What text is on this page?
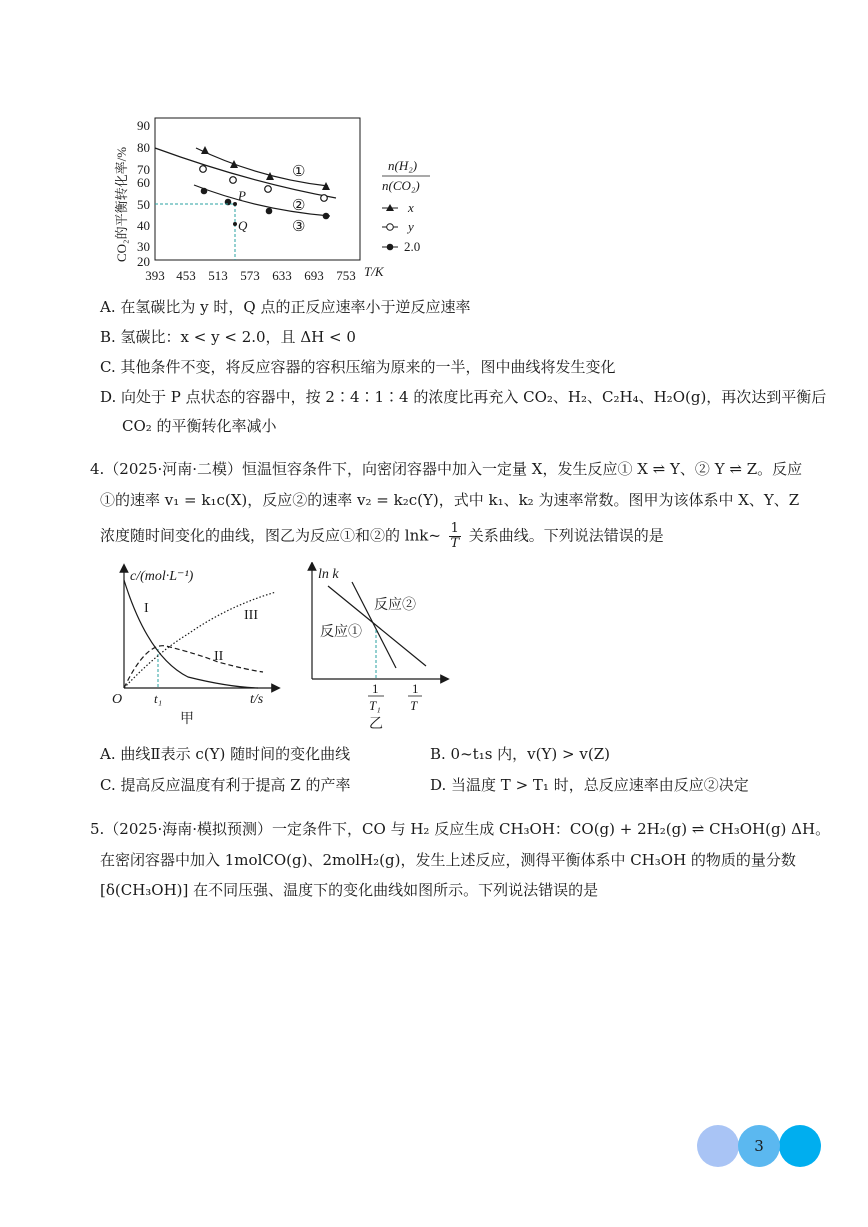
CO₂的平衡转化率/%
90
80
70
60
50
40
30
20
393 453 513 573 633 693 753 T/K
P
Q
①
②
③
n(H₂)
n(CO₂)
x
y
2.0
A. 在氢碳比为 y 时，Q 点的正反应速率小于逆反应速率
B. 氢碳比：x < y < 2.0，且 ΔH < 0
C. 其他条件不变，将反应容器的容积压缩为原来的一半，图中曲线将发生变化
D. 向处于 P 点状态的容器中，按 2∶4∶1∶4 的浓度比再充入 CO₂、H₂、C₂H₄、H₂O(g)，再次达到平衡后
CO₂ 的平衡转化率减小
4.（2025·河南·二模）恒温恒容条件下，向密闭容器中加入一定量 X，发生反应① X ⇌ Y、② Y ⇌ Z。反应
①的速率 v₁ = k₁c(X)，反应②的速率 v₂ = k₂c(Y)，式中 k₁、k₂ 为速率常数。图甲为该体系中 X、Y、Z
浓度随时间变化的曲线，图乙为反应①和②的 lnk~ $\frac{1}{T}$ 关系曲线。下列说法错误的是
c/(mol·L⁻¹)
O	t/s
t₁
I
II
III
甲
ln k
反应②
反应①
1
T₁
1
T
乙
A. 曲线Ⅱ表示 c(Y) 随时间的变化曲线	B. 0~t₁s 内，v(Y) > v(Z)
C. 提高反应温度有利于提高 Z 的产率	D. 当温度 T > T₁ 时，总反应速率由反应②决定
5.（2025·海南·模拟预测）一定条件下，CO 与 H₂ 反应生成 CH₃OH：CO(g) + 2H₂(g) ⇌ CH₃OH(g) ΔH。
在密闭容器中加入 1molCO(g)、2molH₂(g)，发生上述反应，测得平衡体系中 CH₃OH 的物质的量分数
[δ(CH₃OH)] 在不同压强、温度下的变化曲线如图所示。下列说法错误的是
3
